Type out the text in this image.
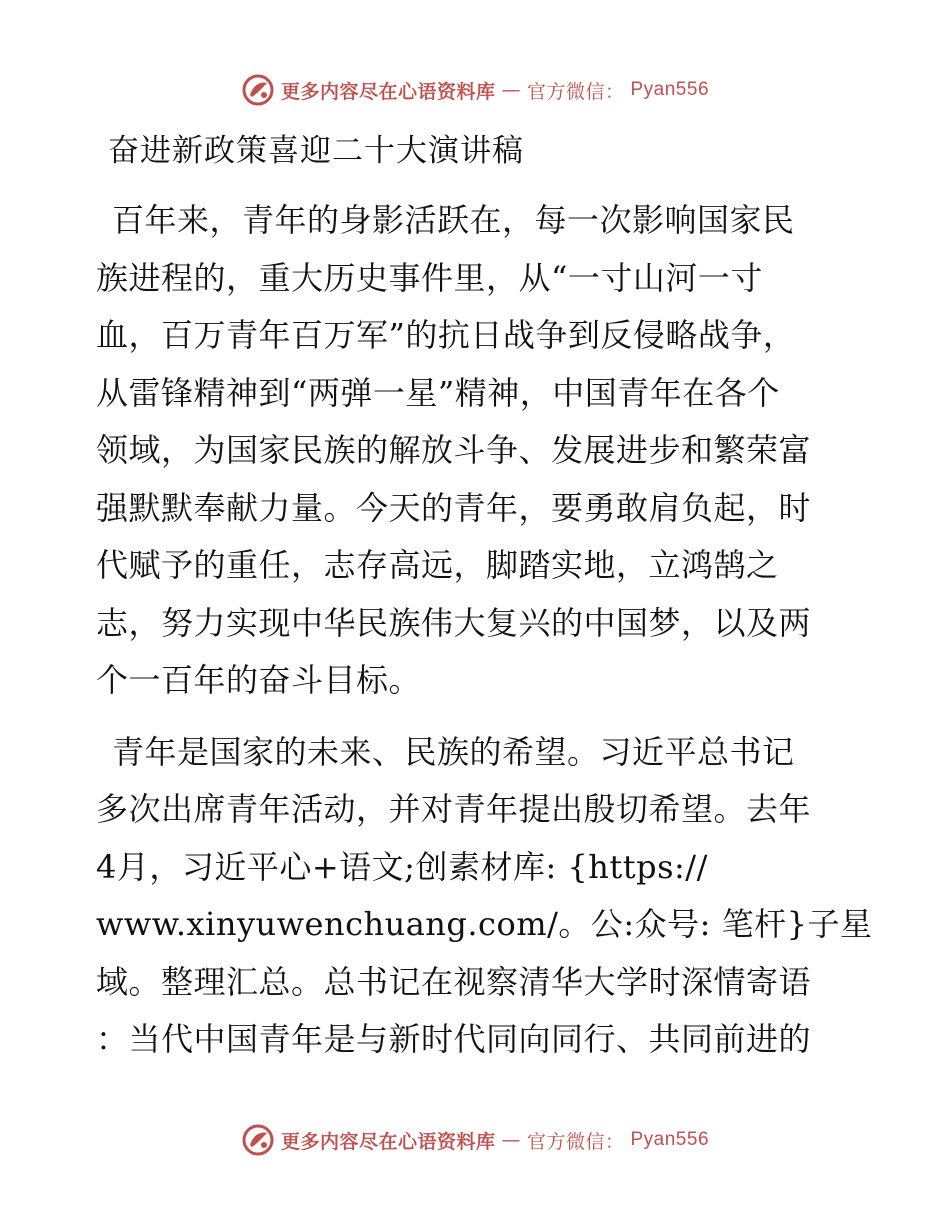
更多内容尽在心语资料库 — 官方微信： Pyan556
奋进新政策喜迎二十大演讲稿
百年来，青年的身影活跃在，每一次影响国家民
族进程的，重大历史事件里，从“一寸山河一寸
血，百万青年百万军”的抗日战争到反侵略战争，
从雷锋精神到“两弹一星”精神，中国青年在各个
领域，为国家民族的解放斗争、发展进步和繁荣富
强默默奉献力量。今天的青年，要勇敢肩负起，时
代赋予的重任，志存高远，脚踏实地，立鸿鹄之
志，努力实现中华民族伟大复兴的中国梦，以及两
个一百年的奋斗目标。
青年是国家的未来、民族的希望。习近平总书记
多次出席青年活动，并对青年提出殷切希望。去年
4月，习近平心+语文;创素材库: {https://
www.xinyuwenchuang.com/。公:众号: 笔杆}子星
域。整理汇总。总书记在视察清华大学时深情寄语
：当代中国青年是与新时代同向同行、共同前进的
更多内容尽在心语资料库 — 官方微信： Pyan556
